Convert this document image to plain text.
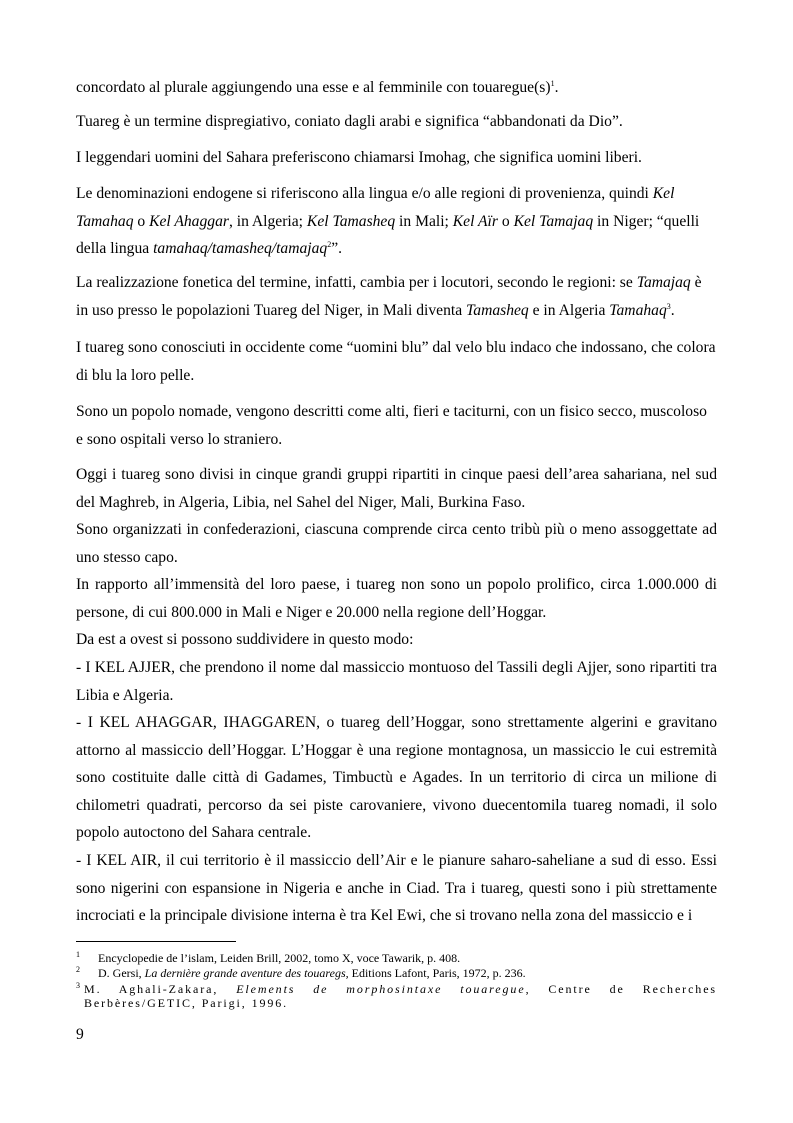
concordato al plurale aggiungendo una esse e al femminile con $touaregue(s)^1$.

Tuareg è un termine dispregiativo, coniato dagli arabi e significa “abbandonati da Dio”.

I leggendari uomini del Sahara preferiscono chiamarsi Imohag, che significa uomini liberi.

Le denominazioni endogene si riferiscono alla lingua e/o alle regioni di provenienza, quindi Kel Tamahaq o Kel Ahaggar, in Algeria; Kel Tamasheq in Mali; Kel Aïr o Kel Tamajaq in Niger; “quelli della lingua tamahaq/tamasheq/tamajaq$^2$”.

La realizzazione fonetica del termine, infatti, cambia per i locutori, secondo le regioni: se Tamajaq è in uso presso le popolazioni Tuareg del Niger, in Mali diventa Tamasheq e in Algeria Tamahaq$^3$.

I tuareg sono conosciuti in occidente come “uomini blu” dal velo blu indaco che indossano, che colora di blu la loro pelle.

Sono un popolo nomade, vengono descritti come alti, fieri e taciturni, con un fisico secco, muscoloso e sono ospitali verso lo straniero.

Oggi i tuareg sono divisi in cinque grandi gruppi ripartiti in cinque paesi dell’area sahariana, nel sud del Maghreb, in Algeria, Libia, nel Sahel del Niger, Mali, Burkina Faso.

Sono organizzati in confederazioni, ciascuna comprende circa cento tribù più o meno assoggettate ad uno stesso capo.

In rapporto all’immensità del loro paese, i tuareg non sono un popolo prolifico, circa 1.000.000 di persone, di cui 800.000 in Mali e Niger e 20.000 nella regione dell’Hoggar.

Da est a ovest si possono suddividere in questo modo:

- I KEL AJJER, che prendono il nome dal massiccio montuoso del Tassili degli Ajjer, sono ripartiti tra Libia e Algeria.

- I KEL AHAGGAR, IHAGGAREN, o tuareg dell’Hoggar, sono strettamente algerini e gravitano attorno al massiccio dell’Hoggar. L’Hoggar è una regione montagnosa, un massiccio le cui estremità sono costituite dalle città di Gadames, Timbuctù e Agades. In un territorio di circa un milione di chilometri quadrati, percorso da sei piste carovaniere, vivono duecentomila tuareg nomadi, il solo popolo autoctono del Sahara centrale.

- I KEL AIR, il cui territorio è il massiccio dell’Air e le pianure saharo-saheliane a sud di esso. Essi sono nigerini con espansione in Nigeria e anche in Ciad. Tra i tuareg, questi sono i più strettamente incrociati e la principale divisione interna è tra Kel Ewi, che si trovano nella zona del massiccio e i

1 Encyclopedie de l’islam, Leiden Brill, 2002, tomo X, voce Tawarik, p. 408.
2 D. Gersi, La dernière grande aventure des touaregs, Editions Lafont, Paris, 1972, p. 236.
3 M. Aghali-Zakara, Elements de morphosintaxe touaregue, Centre de Recherches Berbères/GETIC, Parigi, 1996.
9
